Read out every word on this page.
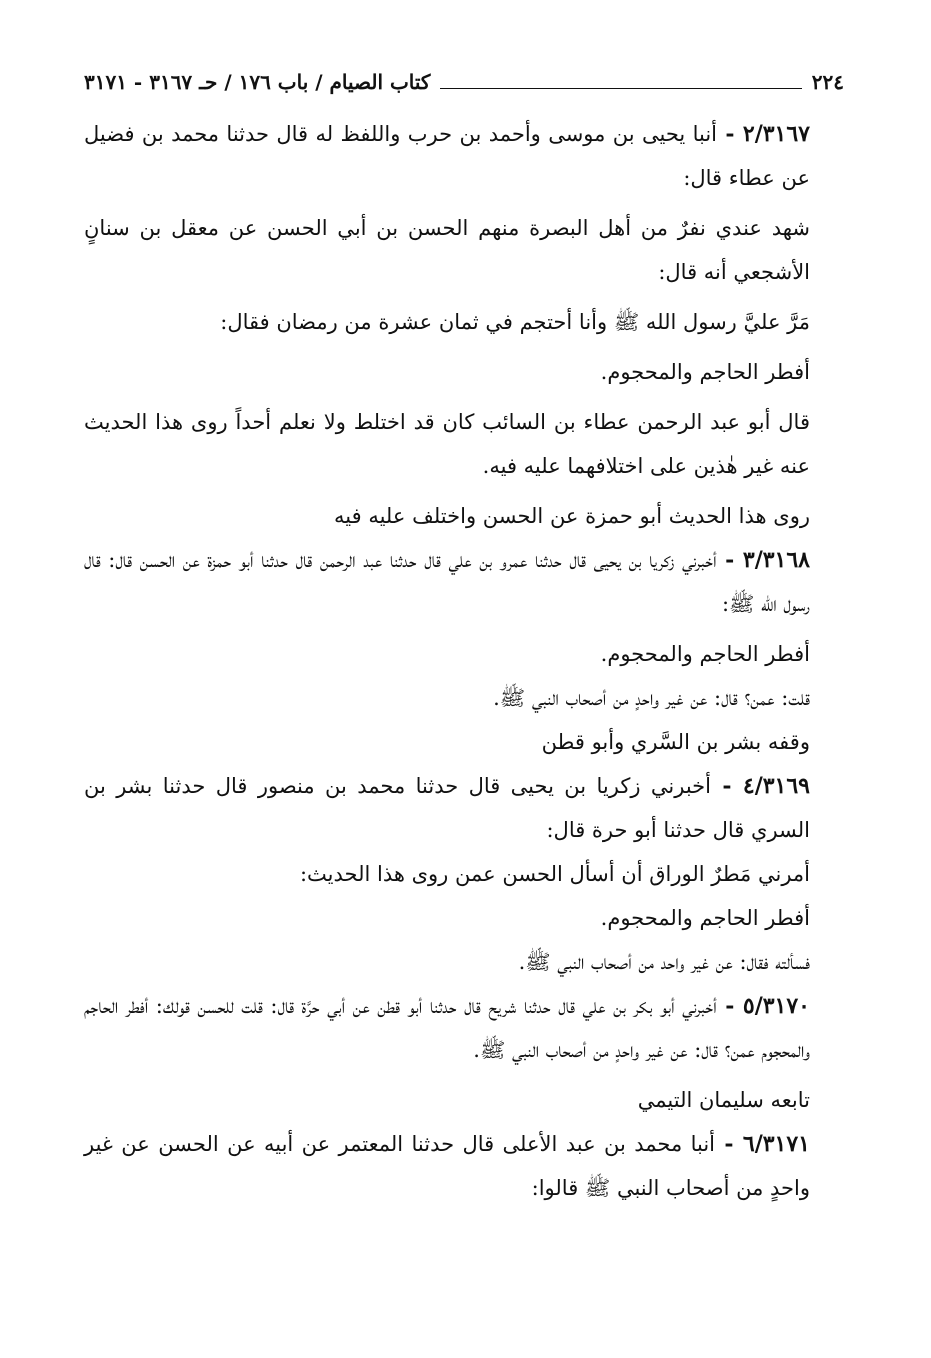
٢٢٤
كتاب الصيام / باب ١٧٦ / حـ ٣١٦٧ - ٣١٧١

٢/٣١٦٧ - أنبا يحيى بن موسى وأحمد بن حرب واللفظ له قال حدثنا محمد بن فضيل عن عطاء قال:

شهد عندي نفرٌ من أهل البصرة منهم الحسن بن أبي الحسن عن معقل بن سنانٍ الأشجعي أنه قال:

مَرَّ عليَّ رسول الله ﷺ وأنا أحتجم في ثمان عشرة من رمضان فقال:

أفطر الحاجم والمحجوم.

قال أبو عبد الرحمن عطاء بن السائب كان قد اختلط ولا نعلم أحداً روى هذا الحديث عنه غير هٰذين على اختلافهما عليه فيه.

روى هذا الحديث أبو حمزة عن الحسن واختلف عليه فيه

٣/٣١٦٨ - أخبرني زكريا بن يحيى قال حدثنا عمرو بن علي قال حدثنا عبد الرحمن قال حدثنا أبو حمزة عن الحسن قال: قال رسول الله ﷺ:

أفطر الحاجم والمحجوم.

قلت: عمن؟ قال: عن غير واحدٍ من أصحاب النبي ﷺ.

وقفه بشر بن السَّري وأبو قطن

٤/٣١٦٩ - أخبرني زكريا بن يحيى قال حدثنا محمد بن منصور قال حدثنا بشر بن السري قال حدثنا أبو حرة قال:

أمرني مَطرٌ الوراق أن أسأل الحسن عمن روى هذا الحديث:

أفطر الحاجم والمحجوم.

فسألته فقال: عن غير واحد من أصحاب النبي ﷺ.

٥/٣١٧٠ - أخبرني أبو بكر بن علي قال حدثنا شريح قال حدثنا أبو قطن عن أبي حرَّة قال: قلت للحسن قولك: أفطر الحاجم والمحجوم عمن؟ قال: عن غير واحدٍ من أصحاب النبي ﷺ.

تابعه سليمان التيمي

٦/٣١٧١ - أنبا محمد بن عبد الأعلى قال حدثنا المعتمر عن أبيه عن الحسن عن غير واحدٍ من أصحاب النبي ﷺ قالوا:
